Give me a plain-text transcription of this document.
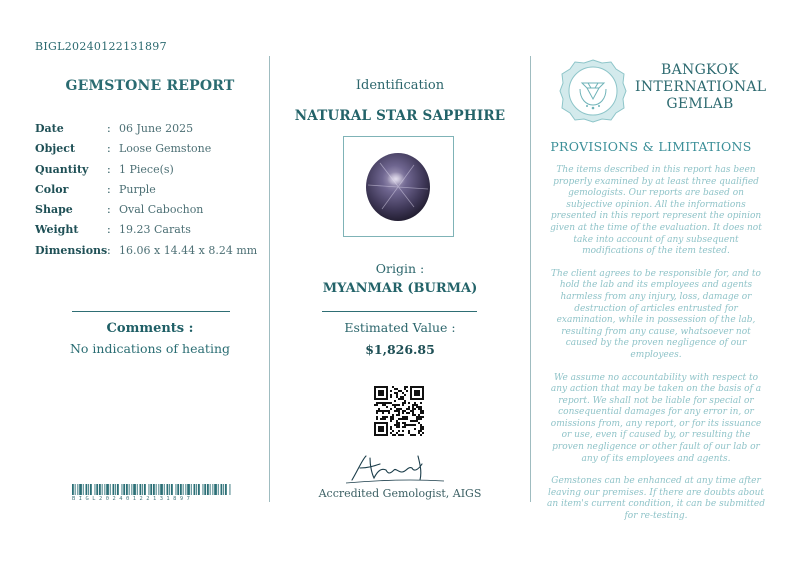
BIGL20240122131897
GEMSTONE REPORT
Date	: 06 June 2025
Object	: Loose Gemstone
Quantity	: 1 Piece(s)
Color	: Purple
Shape	: Oval Cabochon
Weight	: 19.23 Carats
Dimensions : 16.06 x 14.44 x 8.24 mm
Comments :
No indications of heating
BIGL20240122131897
Identification
NATURAL STAR SAPPHIRE
Origin :
MYANMAR (BURMA)
Estimated Value :
$1,826.85
Accredited Gemologist, AIGS
BANGKOK
INTERNATIONAL
GEMLAB
PROVISIONS & LIMITATIONS

The items described in this report has been properly examined by at least three qualified gemologists. Our reports are based on subjective opinion. All the informations presented in this report represent the opinion given at the time of the evaluation. It does not take into account of any subsequent modifications of the item tested.

The client agrees to be responsible for, and to hold the lab and its employees and agents harmless from any injury, loss, damage or destruction of articles entrusted for examination, while in possession of the lab, resulting from any cause, whatsoever not caused by the proven negligence of our employees.

We assume no accountability with respect to any action that may be taken on the basis of a report. We shall not be liable for special or consequential damages for any error in, or omissions from, any report, or for its issuance or use, even if caused by, or resulting the proven negligence or other fault of our lab or any of its employees and agents.

Gemstones can be enhanced at any time after leaving our premises. If there are doubts about an item's current condition, it can be submitted for re-testing.
